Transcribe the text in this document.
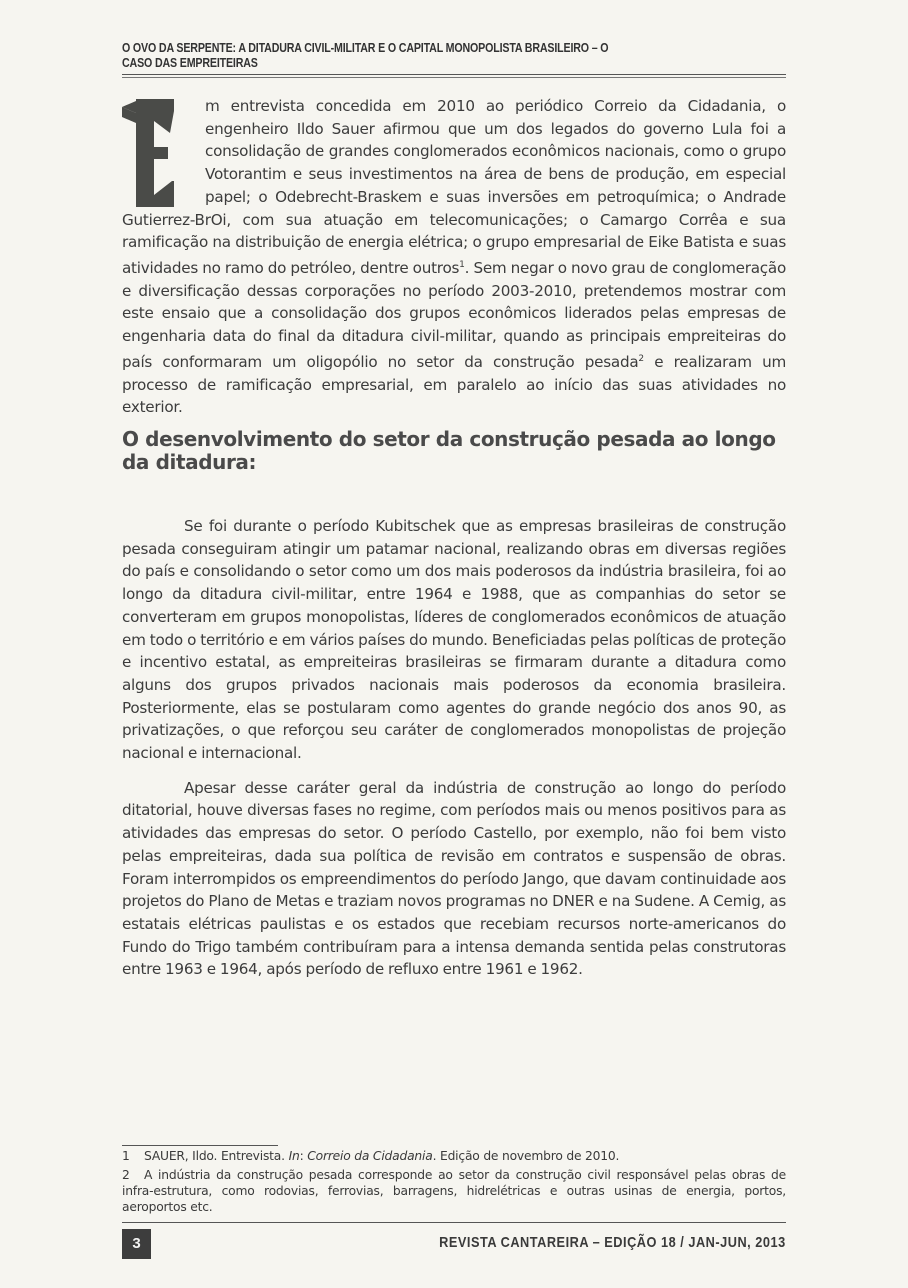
O OVO DA SERPENTE: A DITADURA CIVIL-MILITAR E O CAPITAL MONOPOLISTA BRASILEIRO – O
CASO DAS EMPREITEIRAS

m entrevista concedida em 2010 ao periódico Correio da Cidadania, o engenheiro Ildo Sauer afirmou que um dos legados do governo Lula foi a consolidação de grandes conglomerados econômicos nacionais, como o grupo Votorantim e seus investimentos na área de bens de produção, em especial papel; o Odebrecht-Braskem e suas inversões em petroquímica; o Andrade Gutierrez-BrOi, com sua atuação em telecomunicações; o Camargo Corrêa e sua ramificação na distribuição de energia elétrica; o grupo empresarial de Eike Batista e suas atividades no ramo do petróleo, dentre outros$^1$. Sem negar o novo grau de conglomeração e diversificação dessas corporações no período 2003-2010, pretendemos mostrar com este ensaio que a consolidação dos grupos econômicos liderados pelas empresas de engenharia data do final da ditadura civil-militar, quando as principais empreiteiras do país conformaram um oligopólio no setor da construção pesada$^2$ e realizaram um processo de ramificação empresarial, em paralelo ao início das suas atividades no exterior.

O desenvolvimento do setor da construção pesada ao longo da ditadura:

Se foi durante o período Kubitschek que as empresas brasileiras de construção pesada conseguiram atingir um patamar nacional, realizando obras em diversas regiões do país e consolidando o setor como um dos mais poderosos da indústria brasileira, foi ao longo da ditadura civil-militar, entre 1964 e 1988, que as companhias do setor se converteram em grupos monopolistas, líderes de conglomerados econômicos de atuação em todo o território e em vários países do mundo. Beneficiadas pelas políticas de proteção e incentivo estatal, as empreiteiras brasileiras se firmaram durante a ditadura como alguns dos grupos privados nacionais mais poderosos da economia brasileira. Posteriormente, elas se postularam como agentes do grande negócio dos anos 90, as privatizações, o que reforçou seu caráter de conglomerados monopolistas de projeção nacional e internacional.

Apesar desse caráter geral da indústria de construção ao longo do período ditatorial, houve diversas fases no regime, com períodos mais ou menos positivos para as atividades das empresas do setor. O período Castello, por exemplo, não foi bem visto pelas empreiteiras, dada sua política de revisão em contratos e suspensão de obras. Foram interrompidos os empreendimentos do período Jango, que davam continuidade aos projetos do Plano de Metas e traziam novos programas no DNER e na Sudene. A Cemig, as estatais elétricas paulistas e os estados que recebiam recursos norte-americanos do Fundo do Trigo também contribuíram para a intensa demanda sentida pelas construtoras entre 1963 e 1964, após período de refluxo entre 1961 e 1962.

1 SAUER, Ildo. Entrevista. In: Correio da Cidadania. Edição de novembro de 2010.

2 A indústria da construção pesada corresponde ao setor da construção civil responsável pelas obras de infra-estrutura, como rodovias, ferrovias, barragens, hidrelétricas e outras usinas de energia, portos, aeroportos etc.

3	REVISTA CANTAREIRA – EDIÇÃO 18 / JAN-JUN, 2013
